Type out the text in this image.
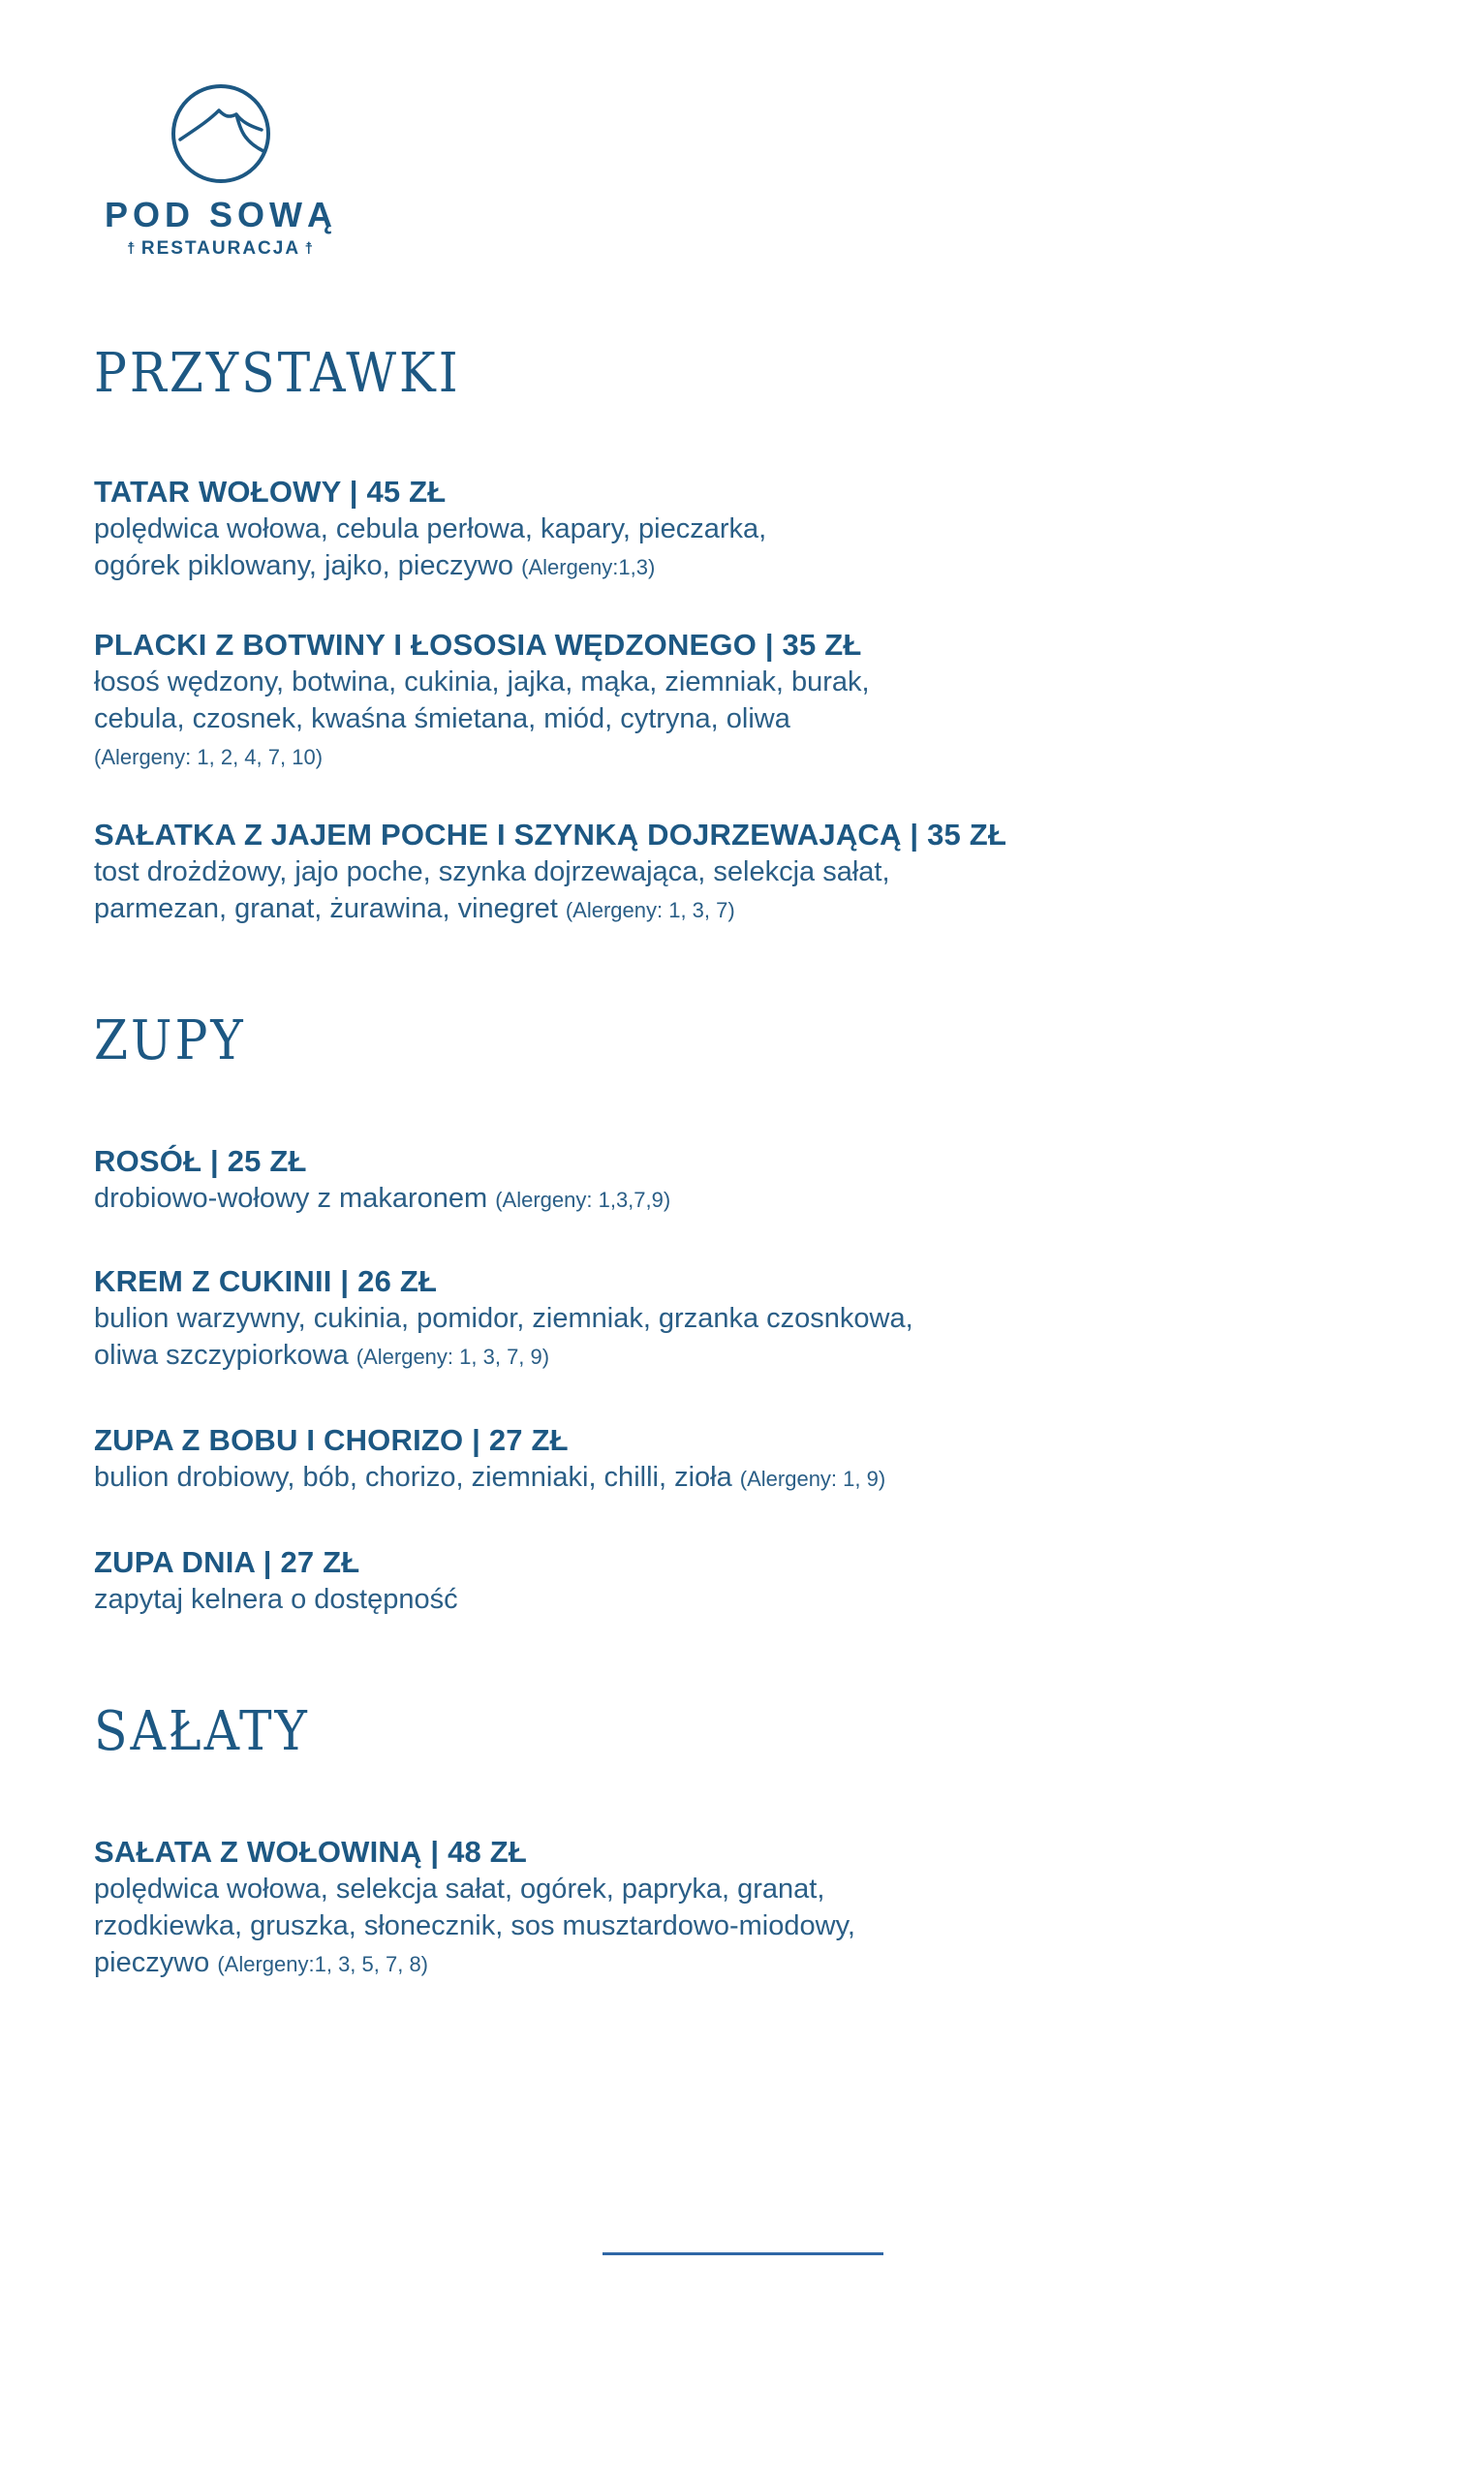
POD SOWĄ
☨ RESTAURACJA ☨
PRZYSTAWKI
TATAR WOŁOWY | 45 ZŁ
polędwica wołowa, cebula perłowa, kapary, pieczarka,
ogórek piklowany, jajko, pieczywo (Alergeny:1,3)
PLACKI Z BOTWINY I ŁOSOSIA WĘDZONEGO | 35 ZŁ
łosoś wędzony, botwina, cukinia, jajka, mąka, ziemniak, burak,
cebula, czosnek, kwaśna śmietana, miód, cytryna, oliwa
(Alergeny: 1, 2, 4, 7, 10)
SAŁATKA Z JAJEM POCHE I SZYNKĄ DOJRZEWAJĄCĄ | 35 ZŁ
tost drożdżowy, jajo poche, szynka dojrzewająca, selekcja sałat,
parmezan, granat, żurawina, vinegret (Alergeny: 1, 3, 7)
ZUPY
ROSÓŁ | 25 ZŁ
drobiowo-wołowy z makaronem (Alergeny: 1,3,7,9)
KREM Z CUKINII | 26 ZŁ
bulion warzywny, cukinia, pomidor, ziemniak, grzanka czosnkowa,
oliwa szczypiorkowa (Alergeny: 1, 3, 7, 9)
ZUPA Z BOBU I CHORIZO | 27 ZŁ
bulion drobiowy, bób, chorizo, ziemniaki, chilli, zioła (Alergeny: 1, 9)
ZUPA DNIA | 27 ZŁ
zapytaj kelnera o dostępność
SAŁATY
SAŁATA Z WOŁOWINĄ | 48 ZŁ
polędwica wołowa, selekcja sałat, ogórek, papryka, granat,
rzodkiewka, gruszka, słonecznik, sos musztardowo-miodowy,
pieczywo (Alergeny:1, 3, 5, 7, 8)
